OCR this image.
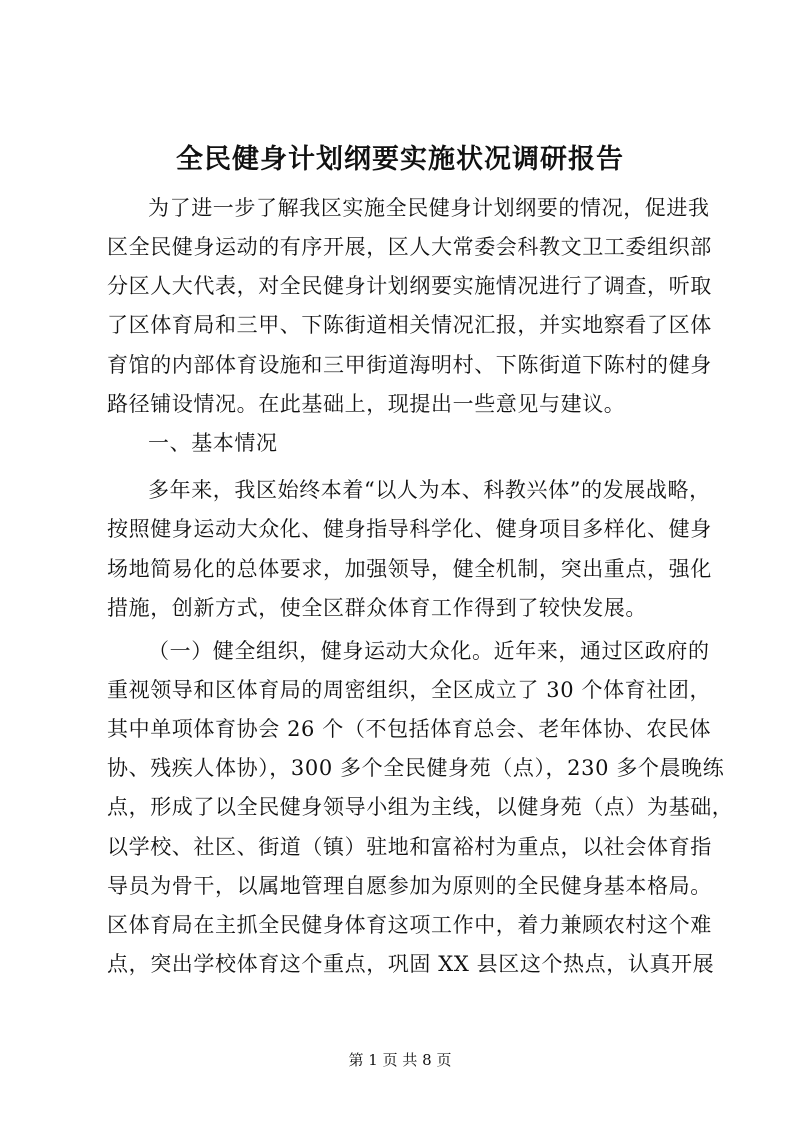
全民健身计划纲要实施状况调研报告
为了进一步了解我区实施全民健身计划纲要的情况，促进我
区全民健身运动的有序开展，区人大常委会科教文卫工委组织部
分区人大代表，对全民健身计划纲要实施情况进行了调查，听取
了区体育局和三甲、下陈街道相关情况汇报，并实地察看了区体
育馆的内部体育设施和三甲街道海明村、下陈街道下陈村的健身
路径铺设情况。在此基础上，现提出一些意见与建议。
一、基本情况
多年来，我区始终本着“以人为本、科教兴体”的发展战略，
按照健身运动大众化、健身指导科学化、健身项目多样化、健身
场地简易化的总体要求，加强领导，健全机制，突出重点，强化
措施，创新方式，使全区群众体育工作得到了较快发展。
（一）健全组织，健身运动大众化。近年来，通过区政府的
重视领导和区体育局的周密组织，全区成立了 30 个体育社团，
其中单项体育协会 26 个（不包括体育总会、老年体协、农民体
协、残疾人体协），300 多个全民健身苑（点），230 多个晨晚练
点，形成了以全民健身领导小组为主线，以健身苑（点）为基础，
以学校、社区、街道（镇）驻地和富裕村为重点，以社会体育指
导员为骨干，以属地管理自愿参加为原则的全民健身基本格局。
区体育局在主抓全民健身体育这项工作中，着力兼顾农村这个难
点，突出学校体育这个重点，巩固 XX 县区这个热点，认真开展
第 1 页 共 8 页
